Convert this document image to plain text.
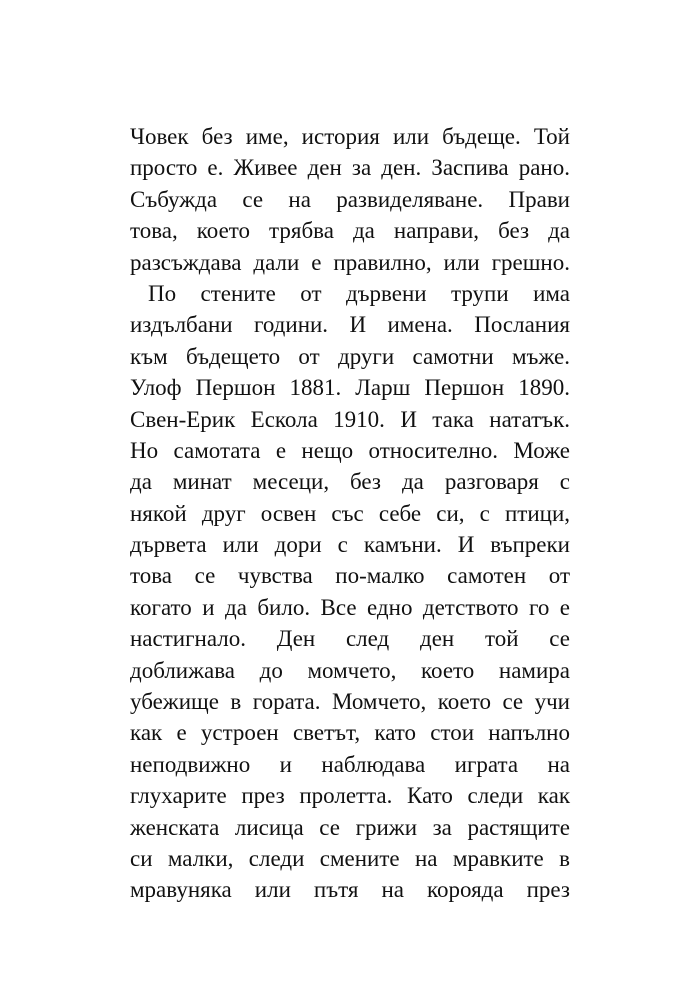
Човек без име, история или бъдеще. Той
просто е. Живее ден за ден. Заспива рано.
Събужда се на развиделяване. Прави
това, което трябва да направи, без да
разсъждава дали е правилно, или грешно.
По стените от дървени трупи има
издълбани години. И имена. Послания
към бъдещето от други самотни мъже.
Улоф Першон 1881. Ларш Першон 1890.
Свен-Ерик Ескола 1910. И така нататък.
Но самотата е нещо относително. Може
да минат месеци, без да разговаря с
някой друг освен със себе си, с птици,
дървета или дори с камъни. И въпреки
това се чувства по-малко самотен от
когато и да било. Все едно детството го е
настигнало. Ден след ден той се
доближава до момчето, което намира
убежище в гората. Момчето, което се учи
как е устроен светът, като стои напълно
неподвижно и наблюдава играта на
глухарите през пролетта. Като следи как
женската лисица се грижи за растящите
си малки, следи смените на мравките в
мравуняка или пътя на корояда през
